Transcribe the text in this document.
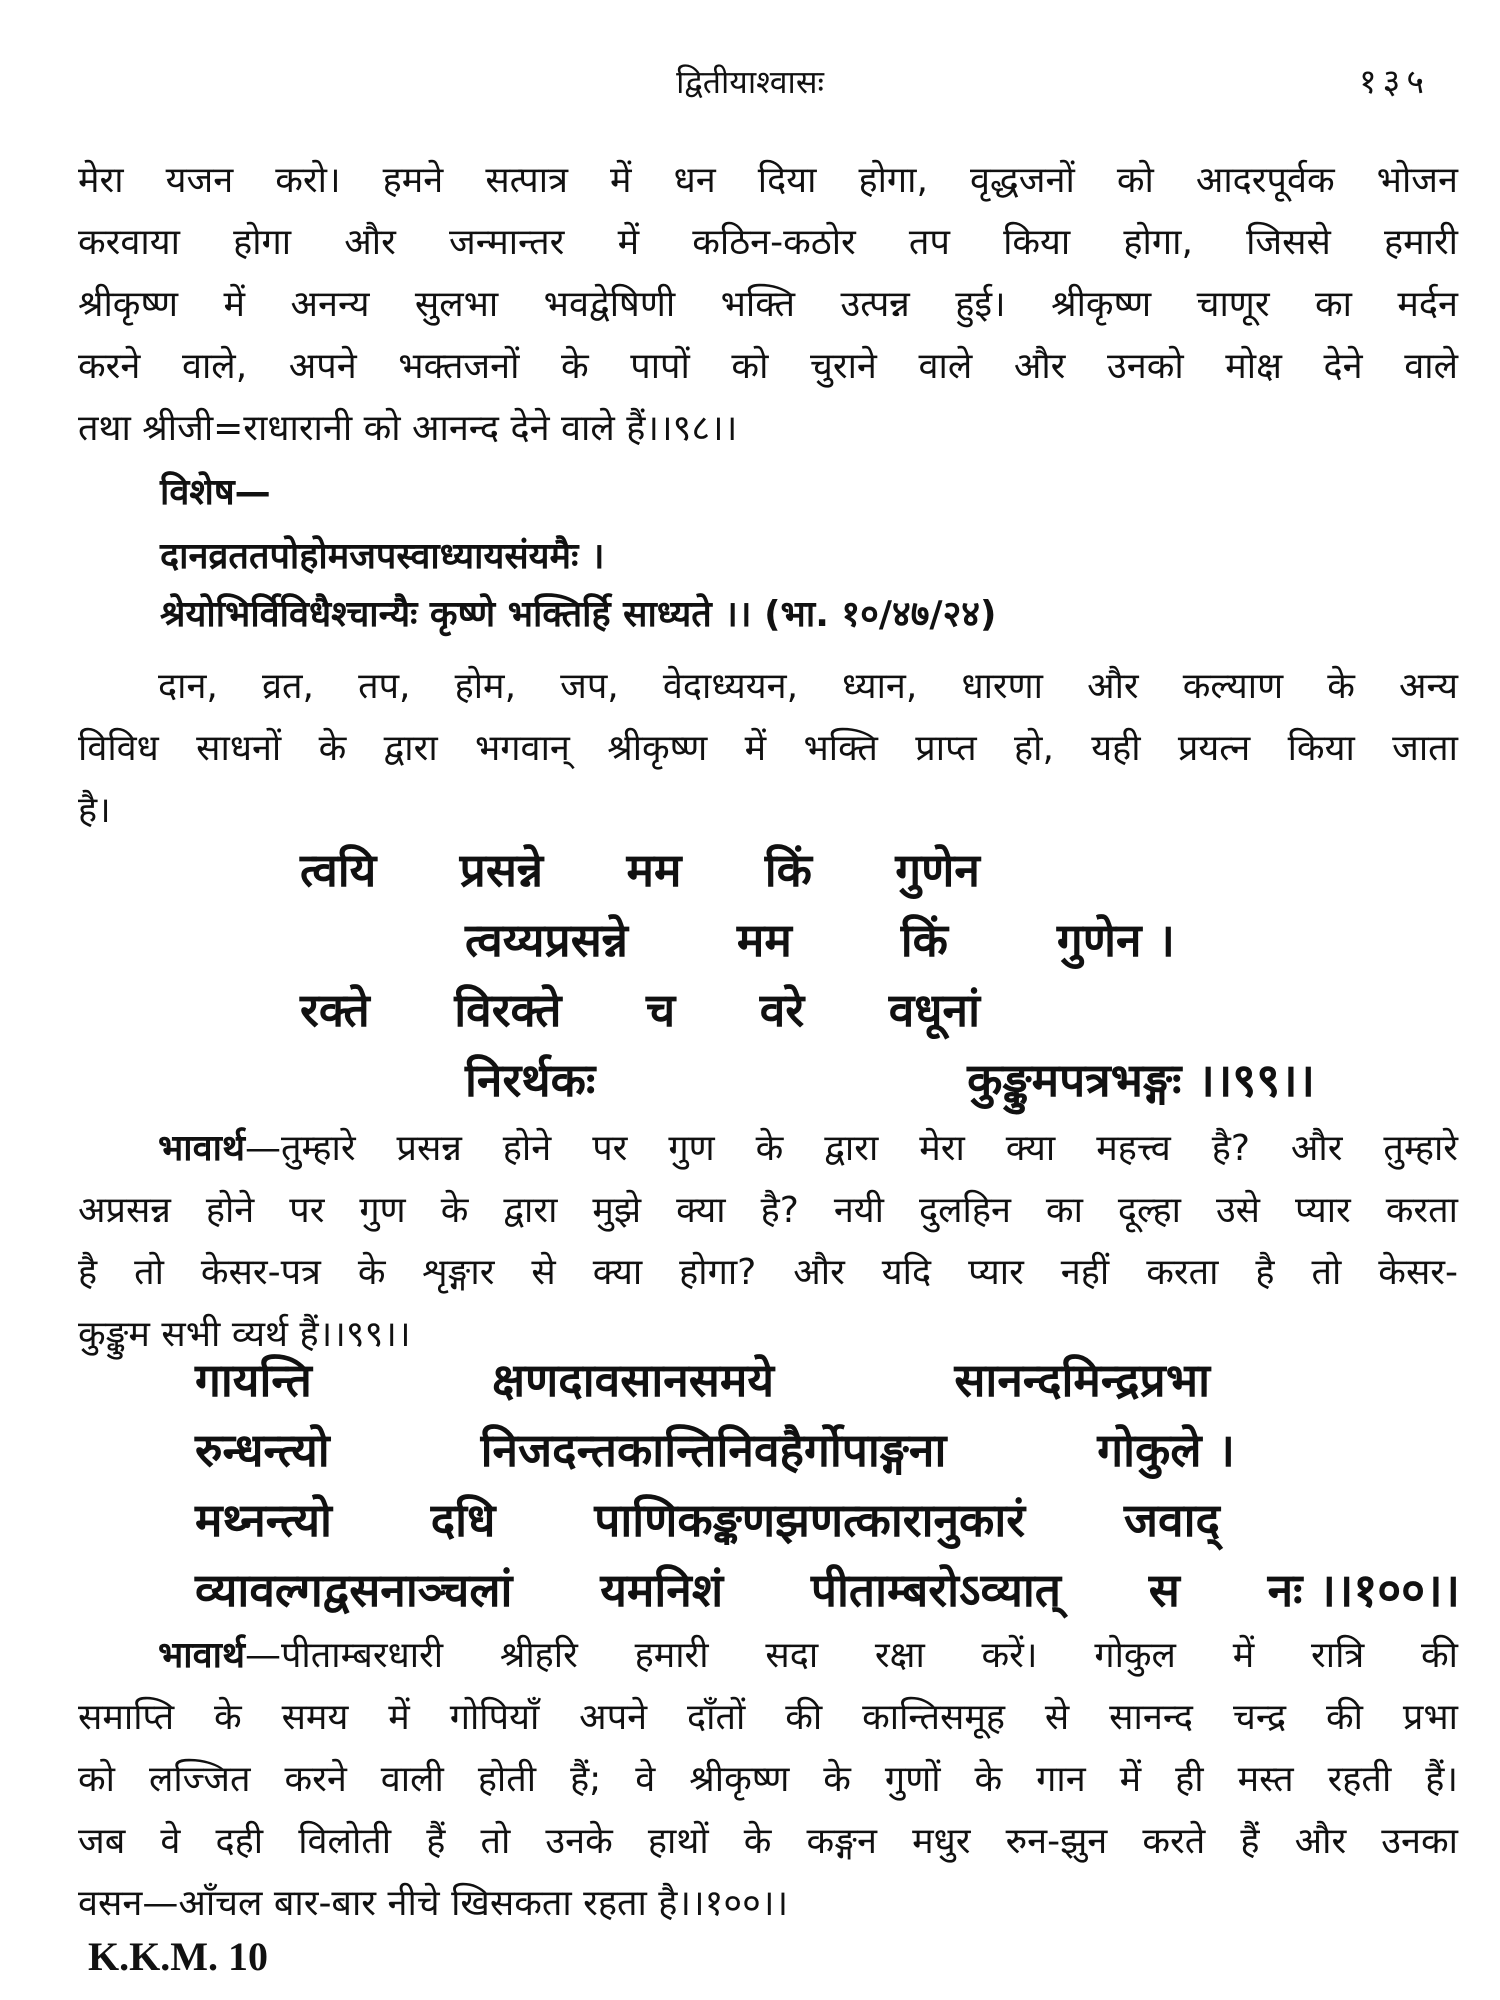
द्वितीयाश्वासः	१३५
मेरा यजन करो। हमने सत्पात्र में धन दिया होगा, वृद्धजनों को आदरपूर्वक भोजन
करवाया होगा और जन्मान्तर में कठिन-कठोर तप किया होगा, जिससे हमारी
श्रीकृष्ण में अनन्य सुलभा भवद्वेषिणी भक्ति उत्पन्न हुई। श्रीकृष्ण चाणूर का मर्दन
करने वाले, अपने भक्तजनों के पापों को चुराने वाले और उनको मोक्ष देने वाले
तथा श्रीजी=राधारानी को आनन्द देने वाले हैं।।९८।।
विशेष—
दानव्रततपोहोमजपस्वाध्यायसंयमैः ।
श्रेयोभिर्विविधैश्चान्यैः कृष्णे भक्तिर्हि साध्यते ।। (भा. १०/४७/२४)
दान, व्रत, तप, होम, जप, वेदाध्ययन, ध्यान, धारणा और कल्याण के अन्य
विविध साधनों के द्वारा भगवान् श्रीकृष्ण में भक्ति प्राप्त हो, यही प्रयत्न किया जाता
है।
त्वयि प्रसन्ने मम किं गुणेन
त्वय्यप्रसन्ने मम किं गुणेन ।
रक्ते विरक्ते च वरे वधूनां
निरर्थकः	कुङ्कुमपत्रभङ्गः ।।९९।।
भावार्थ—तुम्हारे प्रसन्न होने पर गुण के द्वारा मेरा क्या महत्त्व है? और तुम्हारे
अप्रसन्न होने पर गुण के द्वारा मुझे क्या है? नयी दुलहिन का दूल्हा उसे प्यार करता
है तो केसर-पत्र के शृङ्गार से क्या होगा? और यदि प्यार नहीं करता है तो केसर-
कुङ्कुम सभी व्यर्थ हैं।।९९।।
गायन्ति	क्षणदावसानसमये	सानन्दमिन्द्रप्रभा
रुन्धन्त्यो	निजदन्तकान्तिनिवहैर्गोपाङ्गना	गोकुले ।
मथ्नन्त्यो दधि पाणिकङ्कणझणत्कारानुकारं जवाद्
व्यावल्गद्वसनाञ्चलां यमनिशं पीताम्बरोऽव्यात् स नः ।।१००।।
भावार्थ—पीताम्बरधारी श्रीहरि हमारी सदा रक्षा करें। गोकुल में रात्रि की
समाप्ति के समय में गोपियाँ अपने दाँतों की कान्तिसमूह से सानन्द चन्द्र की प्रभा
को लज्जित करने वाली होती हैं; वे श्रीकृष्ण के गुणों के गान में ही मस्त रहती हैं।
जब वे दही विलोती हैं तो उनके हाथों के कङ्गन मधुर रुन-झुन करते हैं और उनका
वसन—आँचल बार-बार नीचे खिसकता रहता है।।१००।।
K.K.M. 10
